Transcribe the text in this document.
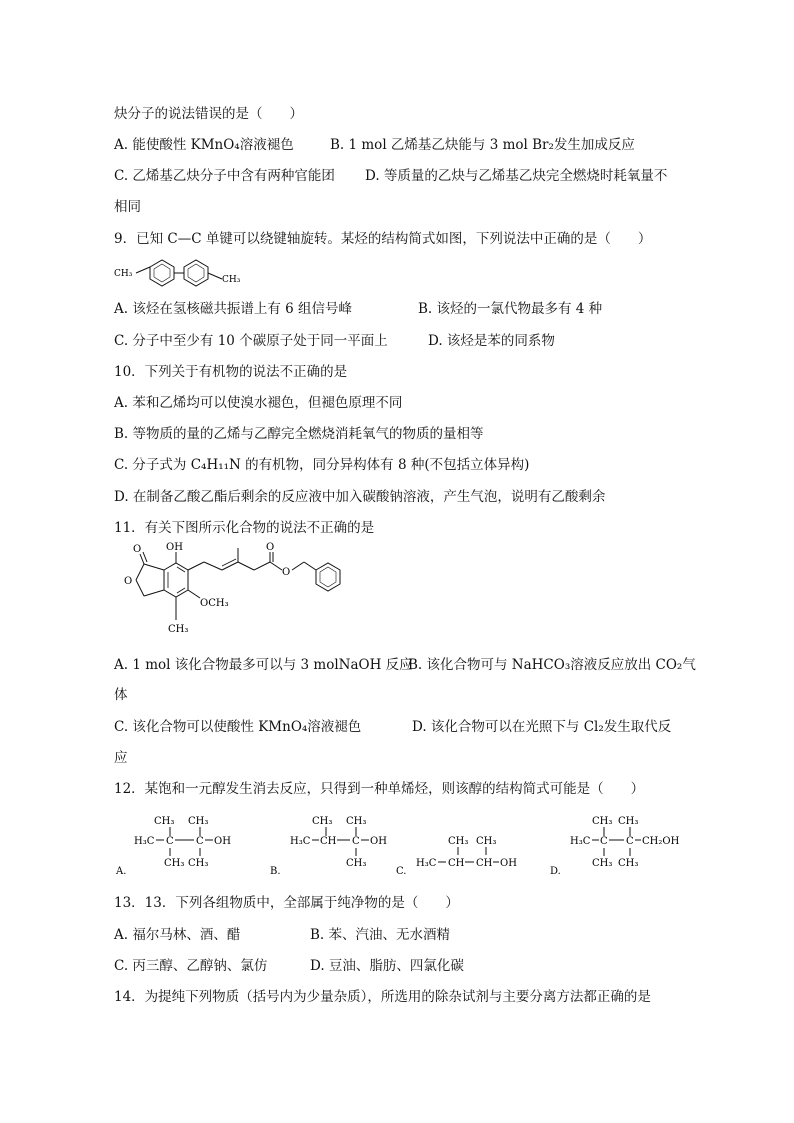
炔分子的说法错误的是（　　）
A. 能使酸性 KMnO₄溶液褪色	B. 1 mol 乙烯基乙炔能与 3 mol Br₂发生加成反应
C. 乙烯基乙炔分子中含有两种官能团 D. 等质量的乙炔与乙烯基乙炔完全燃烧时耗氧量不
相同
9．已知 C—C 单键可以绕键轴旋转。某烃的结构简式如图，下列说法中正确的是（　　）
CH₃
CH₃
A. 该烃在氢核磁共振谱上有 6 组信号峰	B. 该烃的一氯代物最多有 4 种
C. 分子中至少有 10 个碳原子处于同一平面上	D. 该烃是苯的同系物
10．下列关于有机物的说法不正确的是
A. 苯和乙烯均可以使溴水褪色，但褪色原理不同
B. 等物质的量的乙烯与乙醇完全燃烧消耗氧气的物质的量相等
C. 分子式为 C₄H₁₁N 的有机物，同分异构体有 8 种(不包括立体异构)
D. 在制备乙酸乙酯后剩余的反应液中加入碳酸钠溶液，产生气泡，说明有乙酸剩余
11．有关下图所示化合物的说法不正确的是
O
O
OH
OCH₃
CH₃
O
O
A. 1 mol 该化合物最多可以与 3 molNaOH 反应
B. 该化合物可与 NaHCO₃溶液反应放出 CO₂气
体
C. 该化合物可以使酸性 KMnO₄溶液褪色	D. 该化合物可以在光照下与 Cl₂发生取代反
应
12．某饱和一元醇发生消去反应，只得到一种单烯烃，则该醇的结构简式可能是（　　）
A.
CH₃ CH₃
H₃C C C OH
CH₃ CH₃
B.
CH₃ CH₃
H₃C CH C OH
CH₃
C.
CH₃ CH₃
H₃C CH CH OH
D.
CH₃ CH₃
H₃C C C CH₂OH
CH₃ CH₃
13．13．下列各组物质中，全部属于纯净物的是（　　）
A. 福尔马林、酒、醋	B. 苯、汽油、无水酒精
C. 丙三醇、乙醇钠、氯仿	D. 豆油、脂肪、四氯化碳
14．为提纯下列物质（括号内为少量杂质），所选用的除杂试剂与主要分离方法都正确的是
